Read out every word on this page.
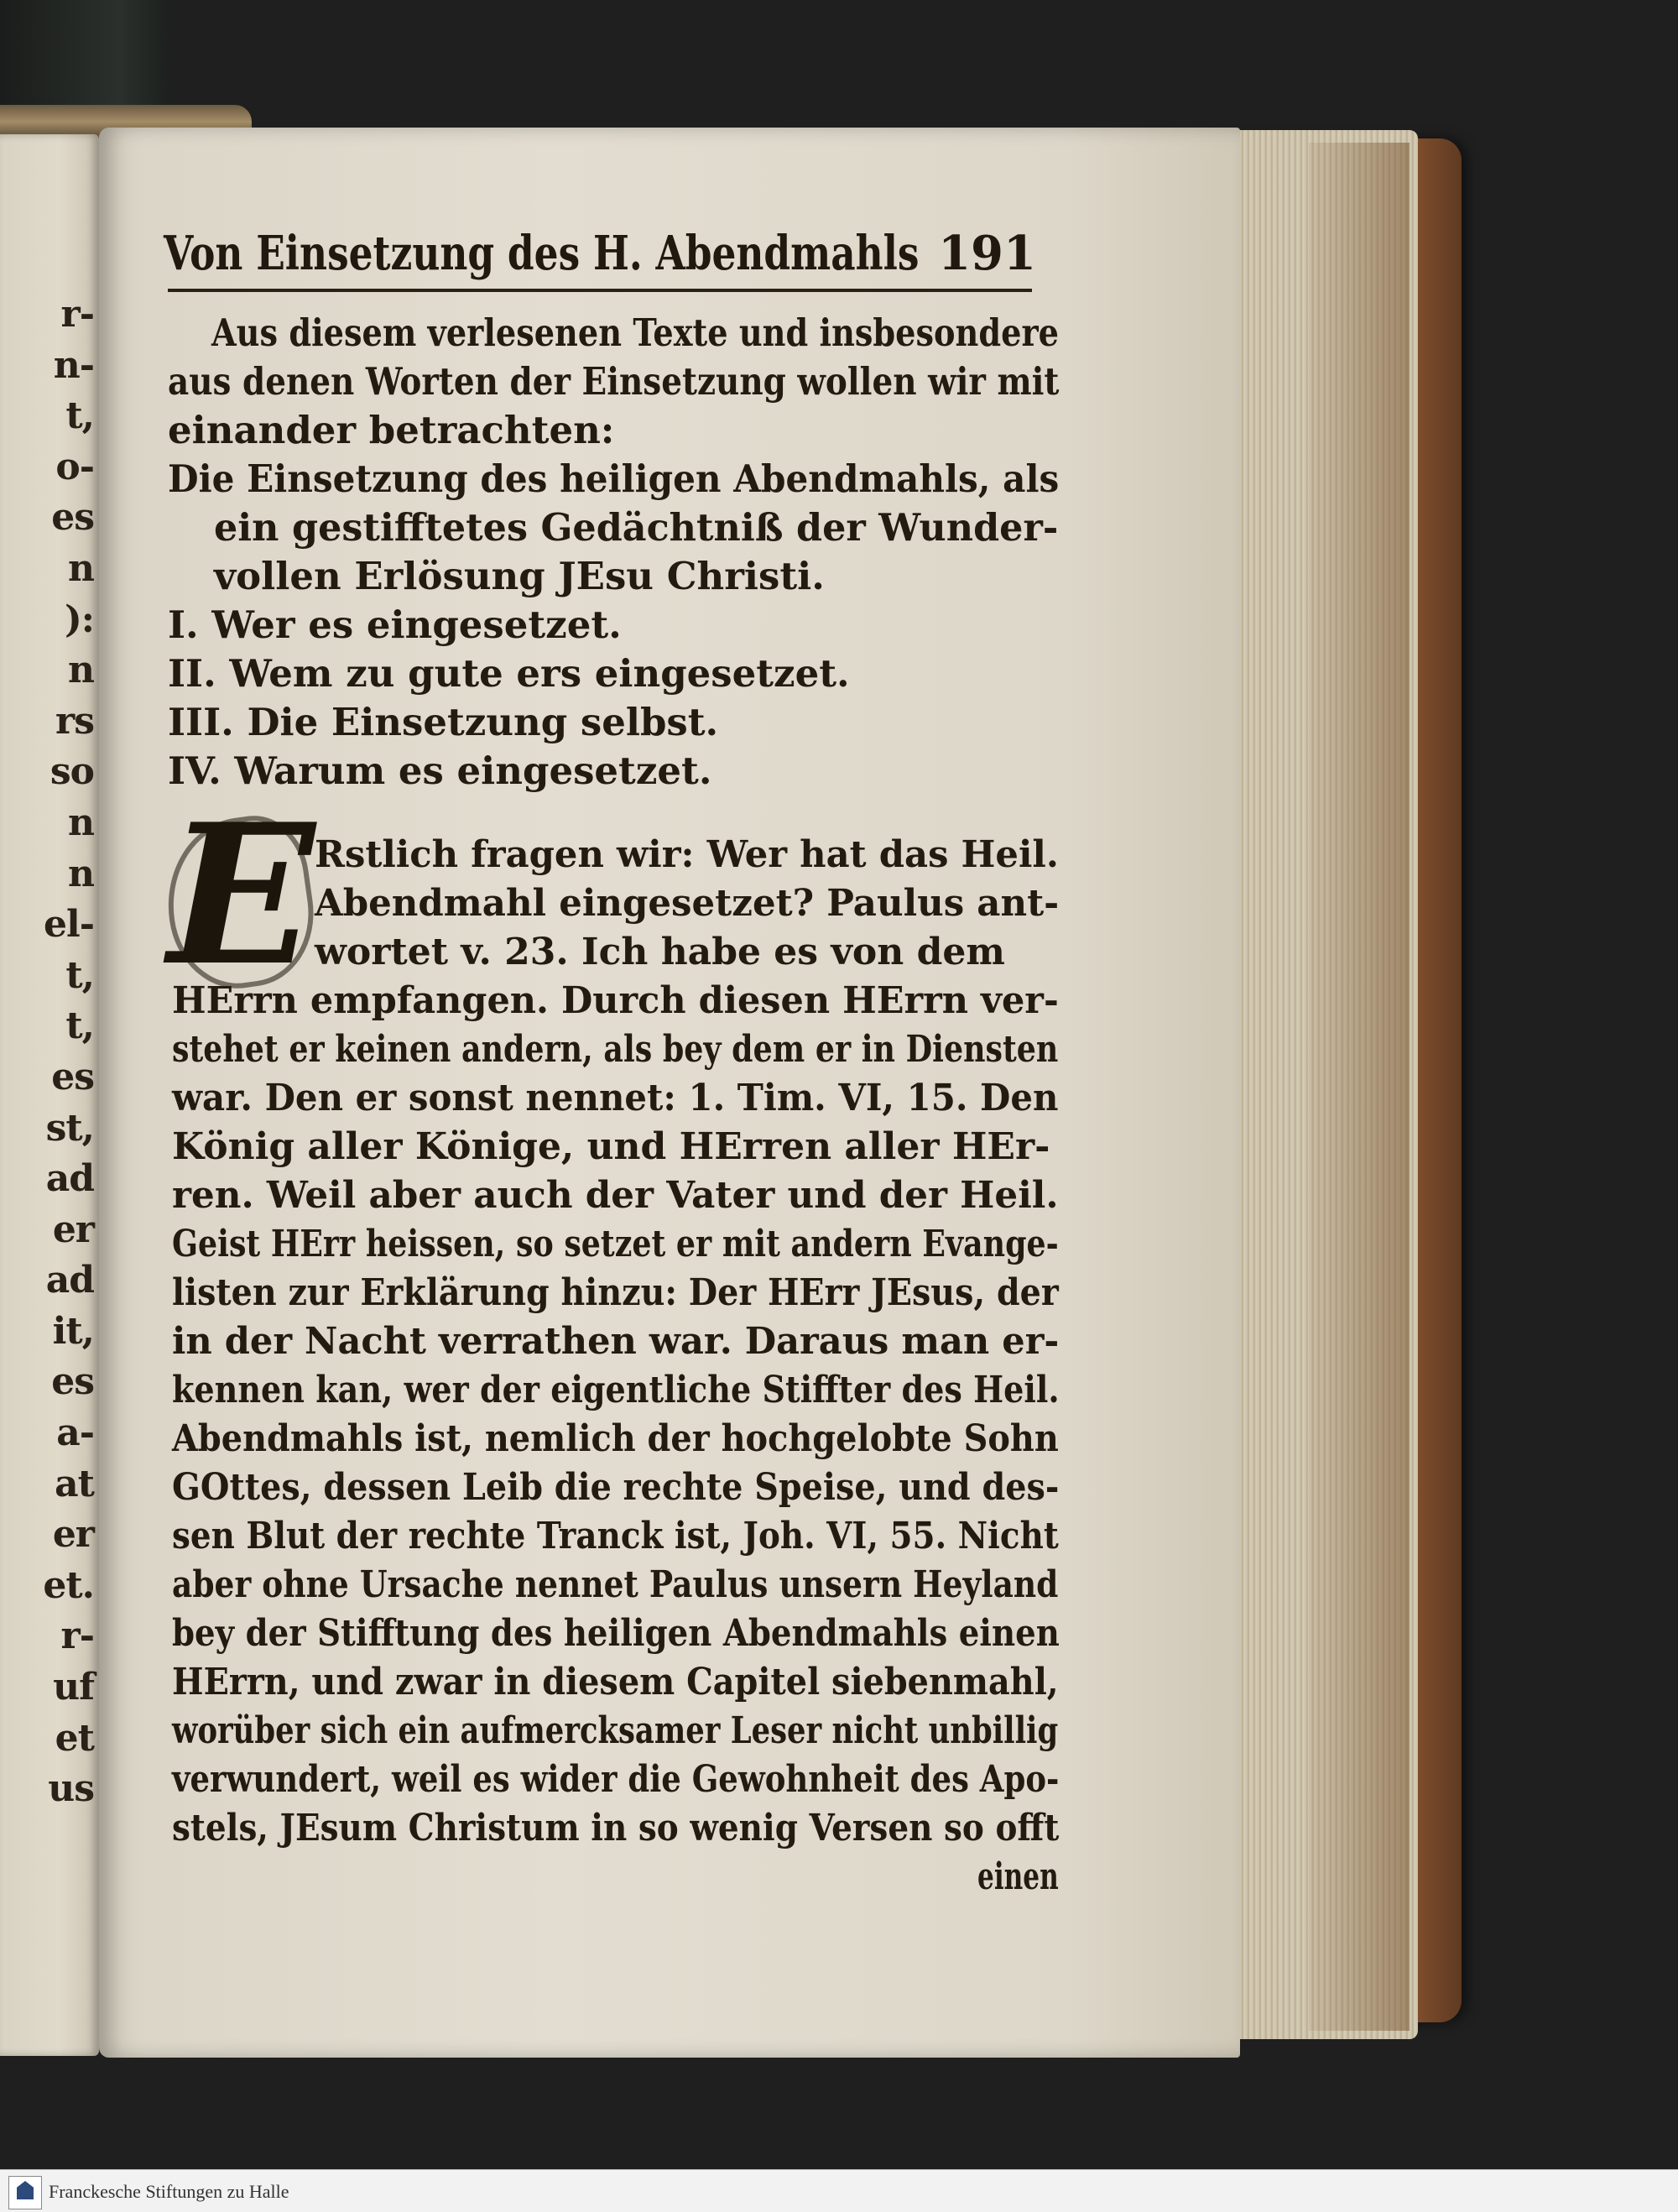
r-
n-
t,
o-
es
n
):
n
rs
so
n
n
el-
t,
t,
es
st,
ad
er
ad
it,
es
a-
at
er
et.
r-
uf
et
us
Von Einsetzung des H. Abendmahls 191
Aus diesem verlesenen Texte und insbesondere
aus denen Worten der Einsetzung wollen wir mit
einander betrachten:
Die Einsetzung des heiligen Abendmahls, als
ein gestifftetes Gedächtniß der Wunder-
vollen Erlösung JEsu Christi.
I. Wer es eingesetzet.
II. Wem zu gute ers eingesetzet.
III. Die Einsetzung selbst.
IV. Warum es eingesetzet.
E Rstlich fragen wir: Wer hat das Heil.
Abendmahl eingesetzet? Paulus ant-
wortet v. 23. Ich habe es von dem
HErrn empfangen. Durch diesen HErrn ver-
stehet er keinen andern, als bey dem er in Diensten
war. Den er sonst nennet: 1. Tim. VI, 15. Den
König aller Könige, und HErren aller HEr-
ren. Weil aber auch der Vater und der Heil.
Geist HErr heissen, so setzet er mit andern Evange-
listen zur Erklärung hinzu: Der HErr JEsus, der
in der Nacht verrathen war. Daraus man er-
kennen kan, wer der eigentliche Stiffter des Heil.
Abendmahls ist, nemlich der hochgelobte Sohn
GOttes, dessen Leib die rechte Speise, und des-
sen Blut der rechte Tranck ist, Joh. VI, 55. Nicht
aber ohne Ursache nennet Paulus unsern Heyland
bey der Stifftung des heiligen Abendmahls einen
HErrn, und zwar in diesem Capitel siebenmahl,
worüber sich ein aufmercksamer Leser nicht unbillig
verwundert, weil es wider die Gewohnheit des Apo-
stels, JEsum Christum in so wenig Versen so offt
einen
Franckesche Stiftungen zu Halle
